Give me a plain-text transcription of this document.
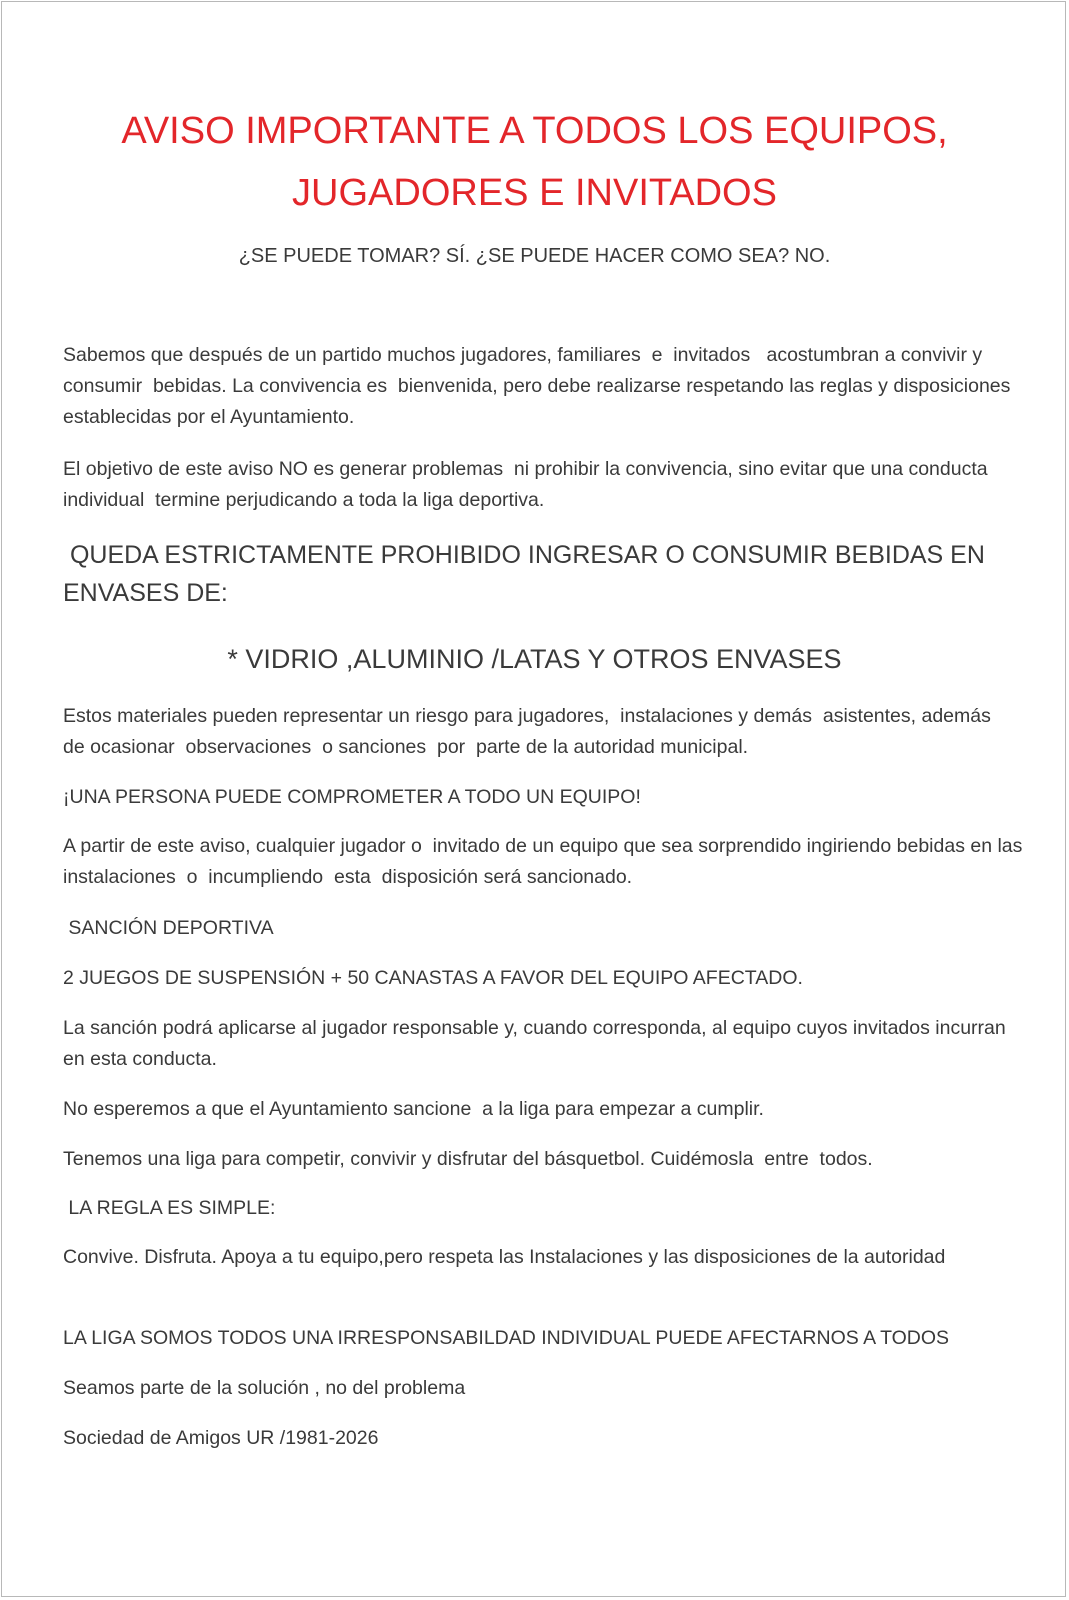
AVISO IMPORTANTE A TODOS LOS EQUIPOS,
JUGADORES E INVITADOS

¿SE PUEDE TOMAR? SÍ. ¿SE PUEDE HACER COMO SEA? NO.

Sabemos que después de un partido muchos jugadores, familiares  e  invitados   acostumbran a convivir y consumir  bebidas. La convivencia es  bienvenida, pero debe realizarse respetando las reglas y disposiciones  establecidas por el Ayuntamiento.

El objetivo de este aviso NO es generar problemas  ni prohibir la convivencia, sino evitar que una conducta  individual  termine perjudicando a toda la liga deportiva.

QUEDA ESTRICTAMENTE PROHIBIDO INGRESAR O CONSUMIR BEBIDAS EN ENVASES DE:

* VIDRIO ,ALUMINIO /LATAS Y OTROS ENVASES

Estos materiales pueden representar un riesgo para jugadores,  instalaciones y demás  asistentes, además  de ocasionar  observaciones  o sanciones  por  parte de la autoridad municipal.

¡UNA PERSONA PUEDE COMPROMETER A TODO UN EQUIPO!

A partir de este aviso, cualquier jugador o  invitado de un equipo que sea sorprendido ingiriendo bebidas en las instalaciones  o  incumpliendo  esta  disposición será sancionado.

SANCIÓN DEPORTIVA

2 JUEGOS DE SUSPENSIÓN + 50 CANASTAS A FAVOR DEL EQUIPO AFECTADO.

La sanción podrá aplicarse al jugador responsable y, cuando corresponda, al equipo cuyos invitados incurran en esta conducta.

No esperemos a que el Ayuntamiento sancione  a la liga para empezar a cumplir.

Tenemos una liga para competir, convivir y disfrutar del básquetbol. Cuidémosla  entre  todos.

LA REGLA ES SIMPLE:

Convive. Disfruta. Apoya a tu equipo,pero respeta las Instalaciones y las disposiciones de la autoridad

LA LIGA SOMOS TODOS UNA IRRESPONSABILDAD INDIVIDUAL PUEDE AFECTARNOS A TODOS

Seamos parte de la solución , no del problema

Sociedad de Amigos UR /1981-2026
